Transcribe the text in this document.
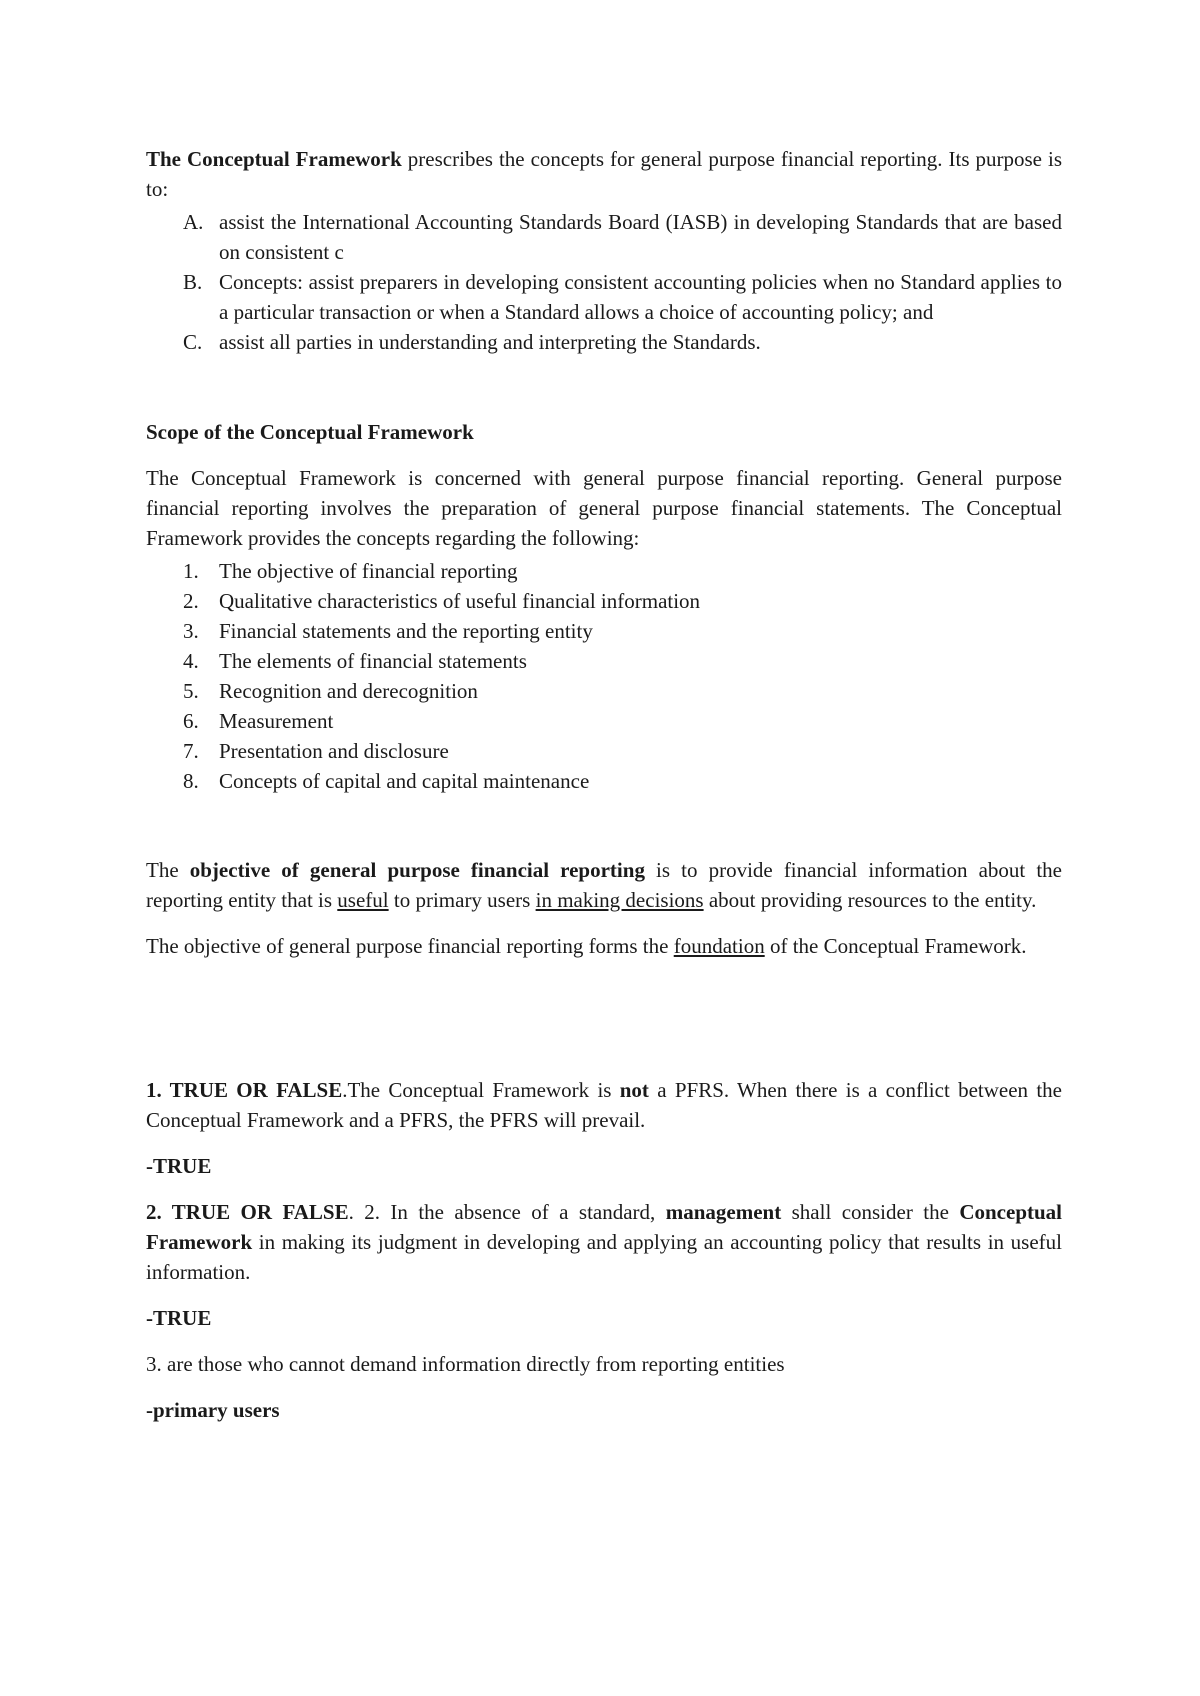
The Conceptual Framework prescribes the concepts for general purpose financial reporting. Its purpose is to:

A. assist the International Accounting Standards Board (IASB) in developing Standards that are based on consistent c
B. Concepts: assist preparers in developing consistent accounting policies when no Standard applies to a particular transaction or when a Standard allows a choice of accounting policy; and
C. assist all parties in understanding and interpreting the Standards.

Scope of the Conceptual Framework

The Conceptual Framework is concerned with general purpose financial reporting. General purpose financial reporting involves the preparation of general purpose financial statements. The Conceptual Framework provides the concepts regarding the following:

1. The objective of financial reporting
2. Qualitative characteristics of useful financial information
3. Financial statements and the reporting entity
4. The elements of financial statements
5. Recognition and derecognition
6. Measurement
7. Presentation and disclosure
8. Concepts of capital and capital maintenance

The objective of general purpose financial reporting is to provide financial information about the reporting entity that is useful to primary users in making decisions about providing resources to the entity.

The objective of general purpose financial reporting forms the foundation of the Conceptual Framework.

1. TRUE OR FALSE.The Conceptual Framework is not a PFRS. When there is a conflict between the Conceptual Framework and a PFRS, the PFRS will prevail.

-TRUE

2. TRUE OR FALSE. 2. In the absence of a standard, management shall consider the Conceptual Framework in making its judgment in developing and applying an accounting policy that results in useful information.

-TRUE

3. are those who cannot demand information directly from reporting entities

-primary users
